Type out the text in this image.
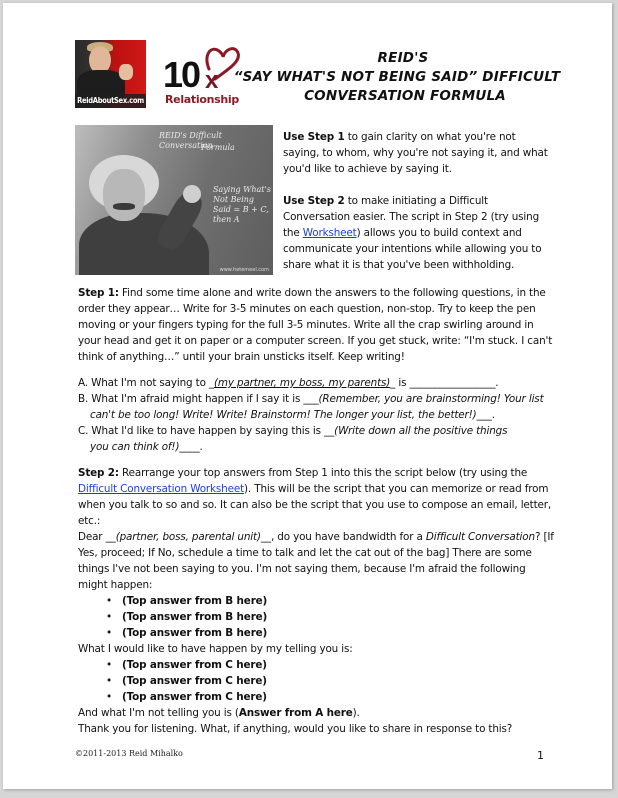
ReidAboutSex.com
10 x
Relationship
REID'S
“SAY WHAT'S NOT BEING SAID” DIFFICULT
CONVERSATION FORMULA
REID's Difficult Conversation
Formula
Saying What's Not Being Said = B + C, then A
www.hetemeel.com

Use Step 1 to gain clarity on what you're not saying, to whom, why you're not saying it, and what you'd like to achieve by saying it.

Use Step 2 to make initiating a Difficult Conversation easier. The script in Step 2 (try using the Worksheet) allows you to build context and communicate your intentions while allowing you to share what it is that you've been withholding.

Step 1: Find some time alone and write down the answers to the following questions, in the order they appear… Write for 3-5 minutes on each question, non-stop. Try to keep the pen moving or your fingers typing for the full 3-5 minutes. Write all the crap swirling around in your head and get it on paper or a computer screen. If you get stuck, write: “I'm stuck. I can't think of anything…” until your brain unsticks itself. Keep writing!
A. What I'm not saying to _(my partner, my boss, my parents)_ is _________________.
B. What I'm afraid might happen if I say it is ___(Remember, you are brainstorming! Your list
can't be too long! Write! Write! Brainstorm! The longer your list, the better!)___.
C. What I'd like to have happen by saying this is __(Write down all the positive things
you can think of!)____.
Step 2: Rearrange your top answers from Step 1 into this the script below (try using the Difficult Conversation Worksheet). This will be the script that you can memorize or read from when you talk to so and so. It can also be the script that you use to compose an email, letter, etc.:
Dear __(partner, boss, parental unit)__, do you have bandwidth for a Difficult Conversation? [If Yes, proceed; If No, schedule a time to talk and let the cat out of the bag] There are some things I've not been saying to you. I'm not saying them, because I'm afraid the following might happen:
• (Top answer from B here)
• (Top answer from B here)
• (Top answer from B here)
What I would like to have happen by my telling you is:
• (Top answer from C here)
• (Top answer from C here)
• (Top answer from C here)
And what I'm not telling you is (Answer from A here).
Thank you for listening. What, if anything, would you like to share in response to this?
©2011-2013 Reid Mihalko	1
